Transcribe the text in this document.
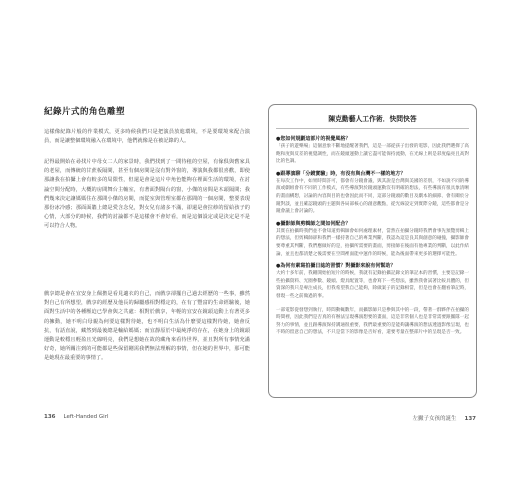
紀錄片式的角色雕塑

這樣像紀錄片般的作業模式，更多時候我們只是把演員放進環境，不是要環境來配合演員，而是讓整個環境融入在環境中，他們就像是在被記錄的人。

記得最開始在尋找片中母女二人的家景時，我們找到了一間待租的空屋，有傢俱與舊家具的老屋，而傳統的甘蔗板隔間，甚至有個房間是沒有對外窗的，導演與我都很喜歡，即使那讓我在拍攝上會有較多的局限性，但還是會是這片中角色能夠在裡面生活的環境，在討論空間分配時，大概的房間舞台主軸室，有著面對陽台的窗，小傑的房間是木頭隔間；我們幾來決定讓媽媽住在那間小傑的房間，而從室與管理室都在那間的一個房間，整要表現那份冰冷感；那面面牆上總是愛含念兒，對女兒有諸多不滿，卻還是會拉紗的留給孩子的心情，大部分的時候，我們的討論都不是這樣會不會好看，而是這個設定或是決定是不是可以符合人物。

戲享總是會在宜安身上佩擔是看見適衣的自己，而戲享卻擺自己過去經歷的一些事，雖然對自己有所想望，戲享的經歷及他長的歸屬感相對穩定的，在有了豐富的生命經驗後，她面對生活中的各種壓迫已學會與之共處：相對於戲享，年輕的宜安在鏡頭這動上有著更多的擁動，她不明白母親為何要這樣對待她，也不明白生活為什麼要這樣對待她，她會反抗，有話直說，藏然到最後總是輸給媽媽；而宜靜原於中最純淨的存在，在她身上的鏡頭運動是較穩且輕盈且光線明亮，我們是想她在故的藏角來看待世界，並且對所有事情充滿好奇，她所關注到的可能都是些保留剛需我們無法理解的事情，但在她的世界中，那可能是她現在最重要的事情了。

136 Left-Handed Girl	左撇子女孩的誕生 137
陳克勤藝人工作術．快問快答
●您如何規劃這部片的視覺風格？

「孩子的遊樂場」這個意象不斷地提醒著我們，這是一部從孩子出發的電影，因此我們選擇了高飽和度與反差的視覺調性，而在鏡頭運動上讓它盡可能保持流動，在光線上則是彩度偏亮且高對比的色調。

●跟導演聊「分鏡實驗」時，有沒有與台灣不一樣的地方？

在每次工作中，如果時間許可，都會有分鏡會議，與其說是台灣與美國的差別，不如說不同的導演或劇組會有不同的工作模式，有些導演對於鏡頭運動沒有明確的想法，有些導演有很具象清晰的畫面構想，討論的內容與目的也會因此而不同，這部分鏡頭的數目及劇本的細節、會有關於分鏡對談，並且確認鏡頭的主題與各局部核心的創意觀點，從光線設定到實際分鏡，這些都會是分鏡會議上會討論的。

●攝影師與剪輯師之間如何配合？

其實在拍攝時我們並不會知道剪輯師會如何處理素材，當然在拍攝分鏡時我們會事先預覽剪輯上的想法，但剪輯師卻和我們一樣持著自己的專業判斷，我認為這是良其與創意的碰撞，攝影師會要尊重其判斷，我們應做好的是，拍攝所需要的畫面，剪接師在後面有他專業的判斷，以此作結論，並且也都清楚之後需要在空間裡面能中運作的時候，能為後面帶來更多的選擇可能性。

●為何有素寫拍攝日誌的習慣？對攝影來說有何幫助？

大約十多年前，我剛開始拍短片的時候，我就有記錄拍攝記錄文的筆記本的習慣，主要是記錄一些拍攝資料、光圈參數、鏡頭、燈具配置等，也會寫下一些想法，雖然我會試著比較具體的，但資深的我只是專注成長，但我希望我自己能夠，除做案子的記錄相當，但是也會在翻看筆記時，發現一些之前做過的事。

一部電影從發想到執行，時間動輒數年，而攝影師只是參與其中的一段，帶著一群夥伴在拍攝的時間裡，因此我們是否真的有辦法呈現導演想要的畫面，這是非常個人也是非常需要跟團隊一起努力的事情，並且跟導演保持溝通很重要，我們最重要的是能夠讓導演的想法透過影像呈現，也不時的留意自己的想法，不只是當下的影像是否好看，還要考量在整部片中的呈現是否一致。
